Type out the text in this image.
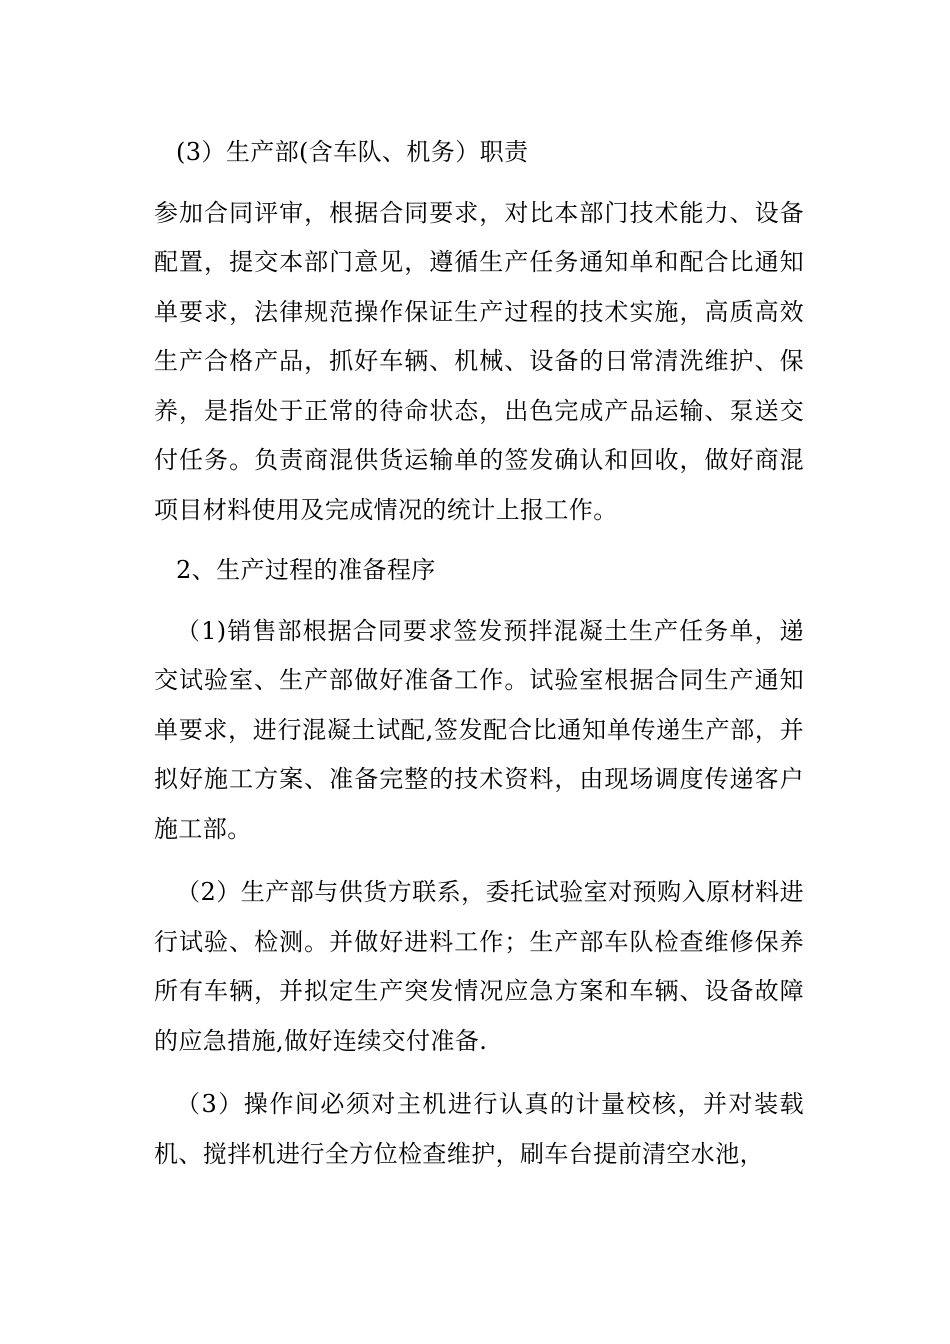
(3）生产部(含车队、机务）职责

参加合同评审，根据合同要求，对比本部门技术能力、设备配置，提交本部门意见，遵循生产任务通知单和配合比通知单要求，法律规范操作保证生产过程的技术实施，高质高效生产合格产品，抓好车辆、机械、设备的日常清洗维护、保养，是指处于正常的待命状态，出色完成产品运输、泵送交付任务。负责商混供货运输单的签发确认和回收，做好商混项目材料使用及完成情况的统计上报工作。

2、生产过程的准备程序

（1)销售部根据合同要求签发预拌混凝土生产任务单，递交试验室、生产部做好准备工作。试验室根据合同生产通知单要求，进行混凝土试配,签发配合比通知单传递生产部，并拟好施工方案、准备完整的技术资料，由现场调度传递客户施工部。

（2）生产部与供货方联系，委托试验室对预购入原材料进行试验、检测。并做好进料工作；生产部车队检查维修保养所有车辆，并拟定生产突发情况应急方案和车辆、设备故障的应急措施,做好连续交付准备.

（3）操作间必须对主机进行认真的计量校核，并对装载机、搅拌机进行全方位检查维护，刷车台提前清空水池，
